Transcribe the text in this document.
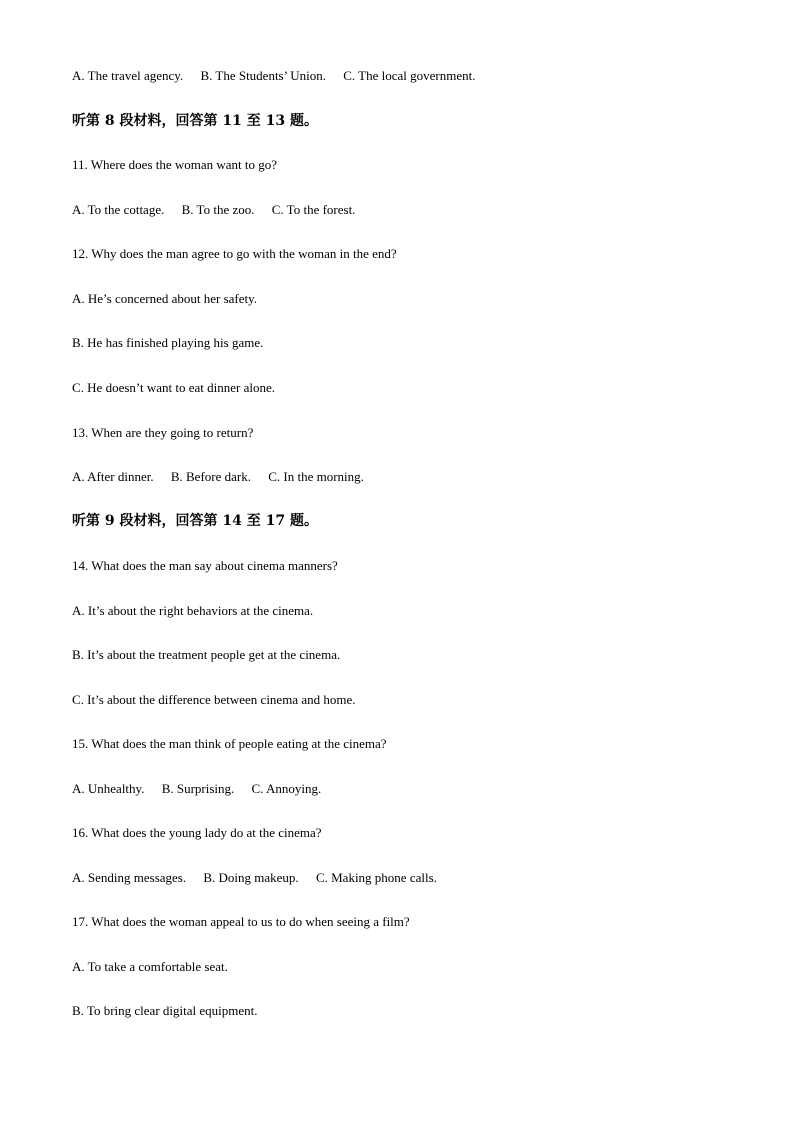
A. The travel agency. B. The Students’ Union. C. The local government.
听第 8 段材料，回答第 11 至 13 题。
11. Where does the woman want to go?
A. To the cottage. B. To the zoo. C. To the forest.
12. Why does the man agree to go with the woman in the end?
A. He’s concerned about her safety.
B. He has finished playing his game.
C. He doesn’t want to eat dinner alone.
13. When are they going to return?
A. After dinner. B. Before dark. C. In the morning.
听第 9 段材料，回答第 14 至 17 题。
14. What does the man say about cinema manners?
A. It’s about the right behaviors at the cinema.
B. It’s about the treatment people get at the cinema.
C. It’s about the difference between cinema and home.
15. What does the man think of people eating at the cinema?
A. Unhealthy. B. Surprising. C. Annoying.
16. What does the young lady do at the cinema?
A. Sending messages. B. Doing makeup. C. Making phone calls.
17. What does the woman appeal to us to do when seeing a film?
A. To take a comfortable seat.
B. To bring clear digital equipment.
